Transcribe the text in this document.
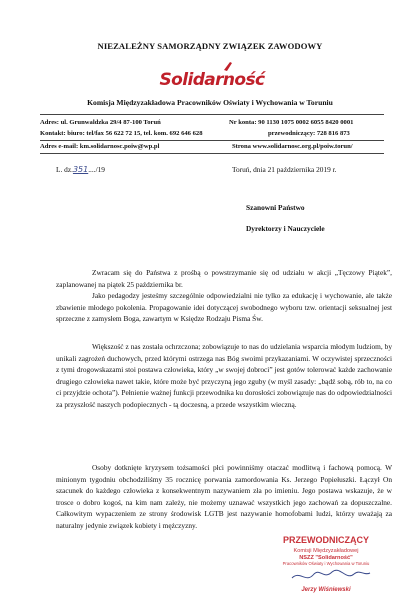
NIEZALEŻNY SAMORZĄDNY ZWIĄZEK ZAWODOWY
Solidarność
Komisja Międzyzakładowa Pracowników Oświaty i Wychowania w Toruniu
Adres: ul. Grunwaldzka 29/4 87-100 Toruń	Nr konta: 90 1130 1075 0002 6055 8420 0001
Kontakt: biuro: tel/fax 56 622 72 15, tel. kom. 692 646 628	przewodniczący: 728 816 873
Adres e-mail: km.solidarnosc.poiw@wp.pl	Strona www.solidarnosc.org.pl/poiw.torun/
L. dz.351..../19	Toruń, dnia 21 października 2019 r.
Szanowni Państwo
Dyrektorzy i Nauczyciele
Zwracam się do Państwa z prośbą o powstrzymanie się od udziału w akcji „Tęczowy Piątek”, zaplanowanej na piątek 25 października br.
Jako pedagodzy jesteśmy szczególnie odpowiedzialni nie tylko za edukację i wychowanie, ale także zbawienie młodego pokolenia. Propagowanie idei dotyczącej swobodnego wyboru tzw. orientacji seksualnej jest sprzeczne z zamysłem Boga, zawartym w Księdze Rodzaju Pisma Św.
Większość z nas została ochrzczona; zobowiązuje to nas do udzielania wsparcia młodym ludziom, by unikali zagrożeń duchowych, przed którymi ostrzega nas Bóg swoimi przykazaniami. W oczywistej sprzeczności z tymi drogowskazami stoi postawa człowieka, który „w swojej dobroci” jest gotów tolerować każde zachowanie drugiego człowieka nawet takie, które może być przyczyną jego zguby (w myśl zasady: „bądź sobą, rób to, na co ci przyjdzie ochota”). Pełnienie ważnej funkcji przewodnika ku dorosłości zobowiązuje nas do odpowiedzialności za przyszłość naszych podopiecznych - tą doczesną, a przede wszystkim wieczną.
Osoby dotknięte kryzysem tożsamości płci powinniśmy otaczać modlitwą i fachową pomocą. W minionym tygodniu obchodziliśmy 35 rocznicę porwania zamordowania Ks. Jerzego Popiełuszki. Łączył On szacunek do każdego człowieka z konsekwentnym nazywaniem zła po imieniu. Jego postawa wskazuje, że w trosce o dobro kogoś, na kim nam zależy, nie możemy uznawać wszystkich jego zachowań za dopuszczalne. Całkowitym wypaczeniem ze strony środowisk LGTB jest nazywanie homofobami ludzi, którzy uważają za naturalny jedynie związek kobiety i mężczyzny.
PRZEWODNICZĄCY
Komisji Międzyzakładowej
NSZZ "Solidarność"
Pracowników Oświaty i Wychowania w Toruniu
Jerzy Wiśniewski
